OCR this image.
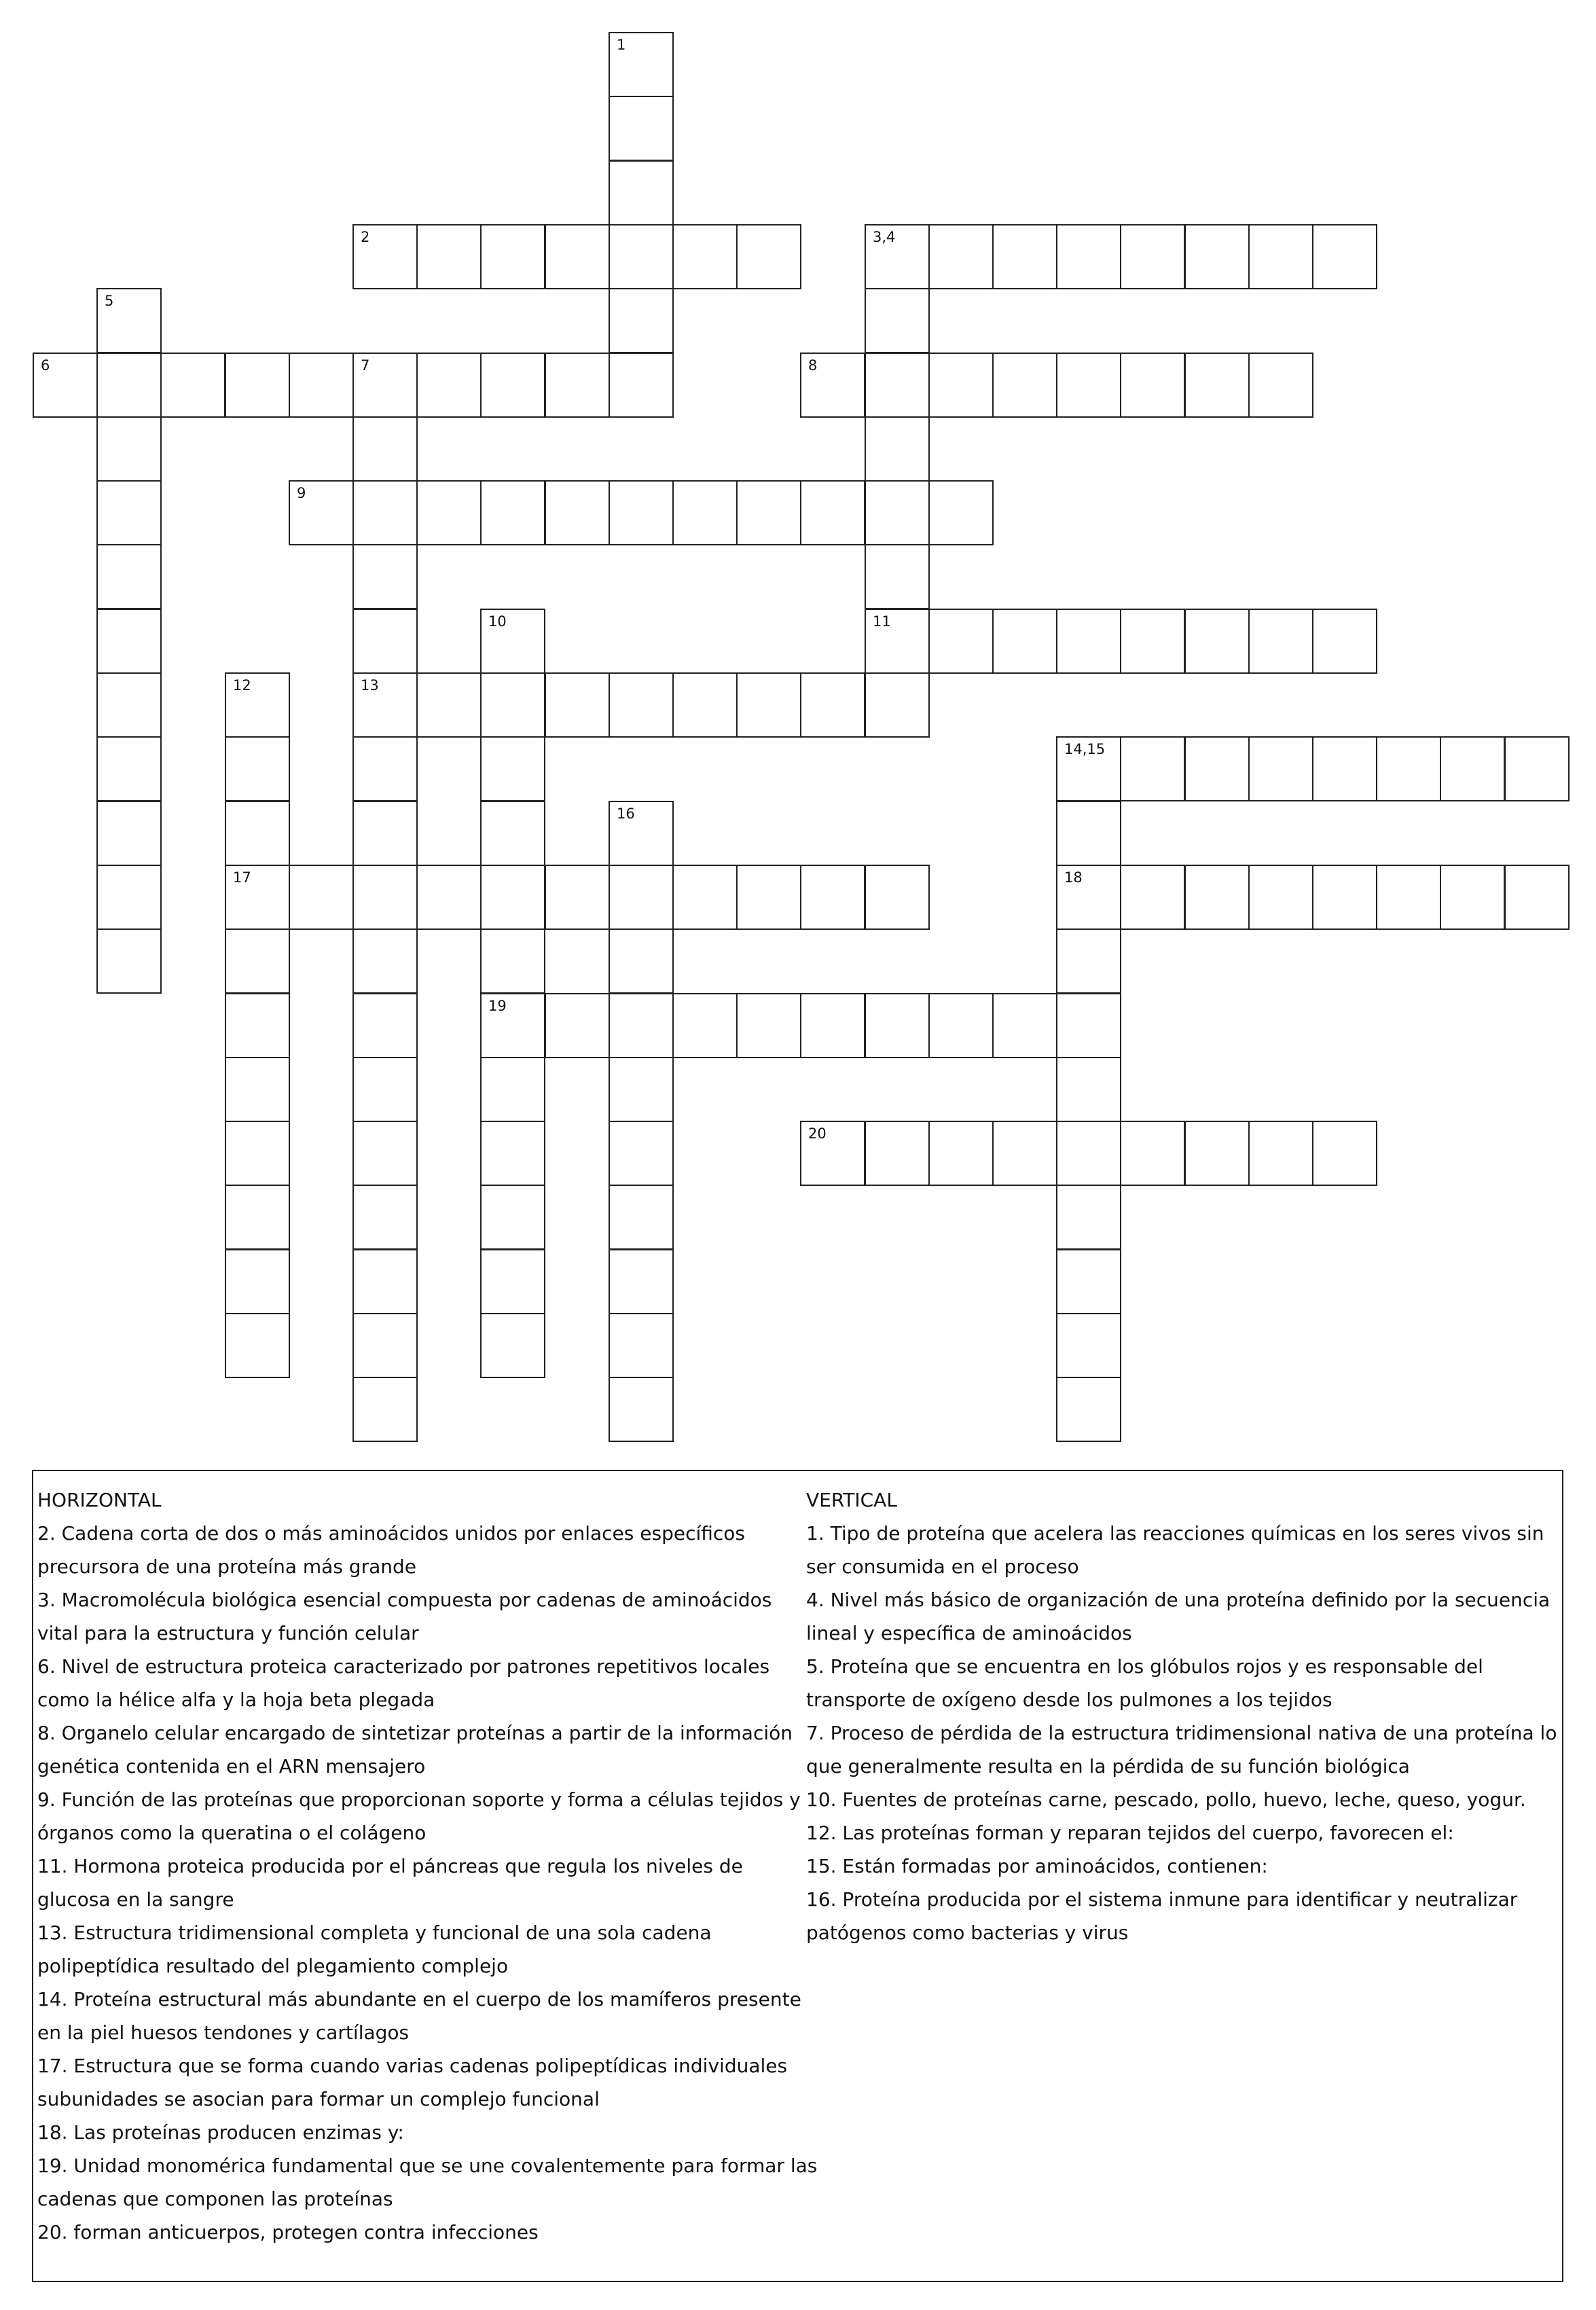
1
2	3,4
11
5
6	7
13
8
9
10
19
12
17
14,15
18
16
20

HORIZONTAL

2. Cadena corta de dos o más aminoácidos unidos por enlaces específicos precursora de una proteína más grande

3. Macromolécula biológica esencial compuesta por cadenas de aminoácidos vital para la estructura y función celular

6. Nivel de estructura proteica caracterizado por patrones repetitivos locales como la hélice alfa y la hoja beta plegada

8. Organelo celular encargado de sintetizar proteínas a partir de la información genética contenida en el ARN mensajero

9. Función de las proteínas que proporcionan soporte y forma a células tejidos y órganos como la queratina o el colágeno

11. Hormona proteica producida por el páncreas que regula los niveles de glucosa en la sangre

13. Estructura tridimensional completa y funcional de una sola cadena polipeptídica resultado del plegamiento complejo

14. Proteína estructural más abundante en el cuerpo de los mamíferos presente en la piel huesos tendones y cartílagos

17. Estructura que se forma cuando varias cadenas polipeptídicas individuales subunidades se asocian para formar un complejo funcional

18. Las proteínas producen enzimas y:

19. Unidad monomérica fundamental que se une covalentemente para formar las cadenas que componen las proteínas

20. forman anticuerpos, protegen contra infecciones

VERTICAL

1. Tipo de proteína que acelera las reacciones químicas en los seres vivos sin ser consumida en el proceso

4. Nivel más básico de organización de una proteína definido por la secuencia lineal y específica de aminoácidos

5. Proteína que se encuentra en los glóbulos rojos y es responsable del transporte de oxígeno desde los pulmones a los tejidos

7. Proceso de pérdida de la estructura tridimensional nativa de una proteína lo que generalmente resulta en la pérdida de su función biológica

10. Fuentes de proteínas carne, pescado, pollo, huevo, leche, queso, yogur.

12. Las proteínas forman y reparan tejidos del cuerpo, favorecen el:

15. Están formadas por aminoácidos, contienen:

16. Proteína producida por el sistema inmune para identificar y neutralizar patógenos como bacterias y virus
